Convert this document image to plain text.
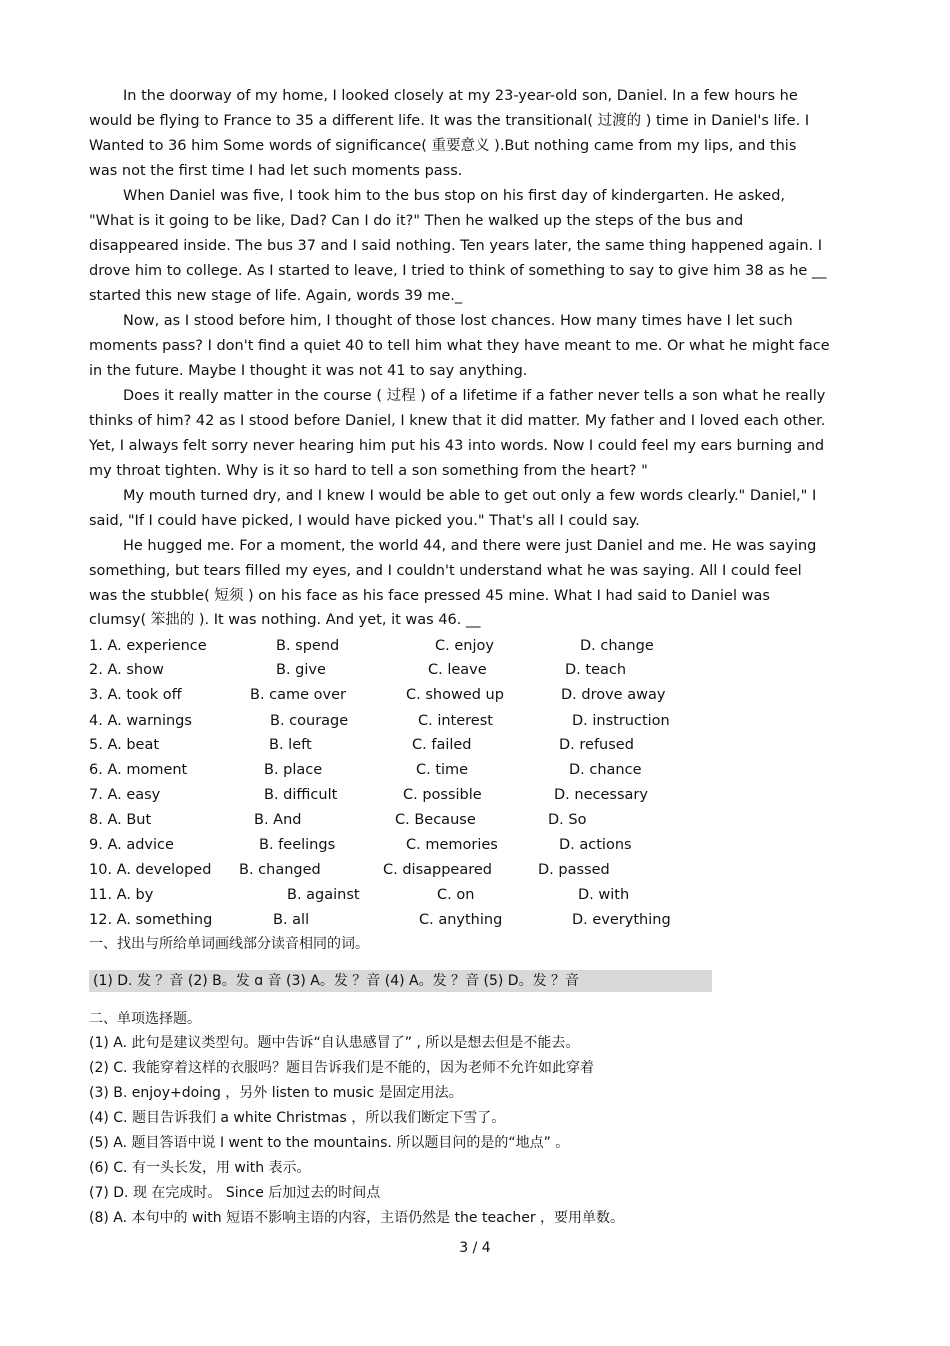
In the doorway of my home, I looked closely at my 23-year-old son, Daniel. In a few hours he
would be flying to France to 35 a different life. It was the transitional( 过渡的 ) time in Daniel's life. I
Wanted to 36 him Some words of significance( 重要意义 ).But nothing came from my lips, and this
was not the first time I had let such moments pass.
When Daniel was five, I took him to the bus stop on his first day of kindergarten. He asked,
"What is it going to be like, Dad? Can I do it?" Then he walked up the steps of the bus and
disappeared inside. The bus 37 and I said nothing. Ten years later, the same thing happened again. I
drove him to college. As I started to leave, I tried to think of something to say to give him 38 as he __
started this new stage of life. Again, words 39 me._
Now, as I stood before him, I thought of those lost chances. How many times have I let such
moments pass? I don't find a quiet 40 to tell him what they have meant to me. Or what he might face
in the future. Maybe I thought it was not 41 to say anything.
Does it really matter in the course ( 过程 ) of a lifetime if a father never tells a son what he really
thinks of him? 42 as I stood before Daniel, I knew that it did matter. My father and I loved each other.
Yet, I always felt sorry never hearing him put his 43 into words. Now I could feel my ears burning and
my throat tighten. Why is it so hard to tell a son something from the heart? "
My mouth turned dry, and I knew I would be able to get out only a few words clearly." Daniel," I
said, "If I could have picked, I would have picked you." That's all I could say.
He hugged me. For a moment, the world 44, and there were just Daniel and me. He was saying
something, but tears filled my eyes, and I couldn't understand what he was saying. All I could feel
was the stubble( 短须 ) on his face as his face pressed 45 mine. What I had said to Daniel was
clumsy( 笨拙的 ). It was nothing. And yet, it was 46. __
1. A. experience	B. spend	C. enjoy	D. change
2. A. show	B. give	C. leave	D. teach
3. A. took off	B. came over	C. showed up	D. drove away
4. A. warnings	B. courage	C. interest	D. instruction
5. A. beat	B. left	C. failed	D. refused
6. A. moment	B. place	C. time	D. chance
7. A. easy	B. difficult	C. possible	D. necessary
8. A. But	B. And	C. Because	D. So
9. A. advice	B. feelings	C. memories	D. actions
10. A. developed B. changed	C. disappeared	D. passed
11. A. by	B. against	C. on	D. with
12. A. something	B. all	C. anything	D. everything
一、找出与所给单词画线部分读音相同的词。
(1) D. 发 ？音 (2) B。发 ɑ 音 (3) A。发 ？音 (4) A。发 ？音 (5) D。发 ？音
二、单项选择题。
(1) A. 此句是建议类型句。题中告诉“自认患感冒了” , 所以是想去但是不能去。
(2) C. 我能穿着这样的衣服吗？题目告诉我们是不能的，因为老师不允许如此穿着
(3) B. enjoy+doing ，另外 listen to music 是固定用法。
(4) C. 题目告诉我们 a white Christmas ，所以我们断定下雪了。
(5) A. 题目答语中说 I went to the mountains. 所以题目问的是的“地点” 。
(6) C. 有一头长发，用 with 表示。
(7) D. 现 在完成时。 Since 后加过去的时间点
(8) A. 本句中的 with 短语不影响主语的内容，主语仍然是 the teacher ，要用单数。
3 / 4
